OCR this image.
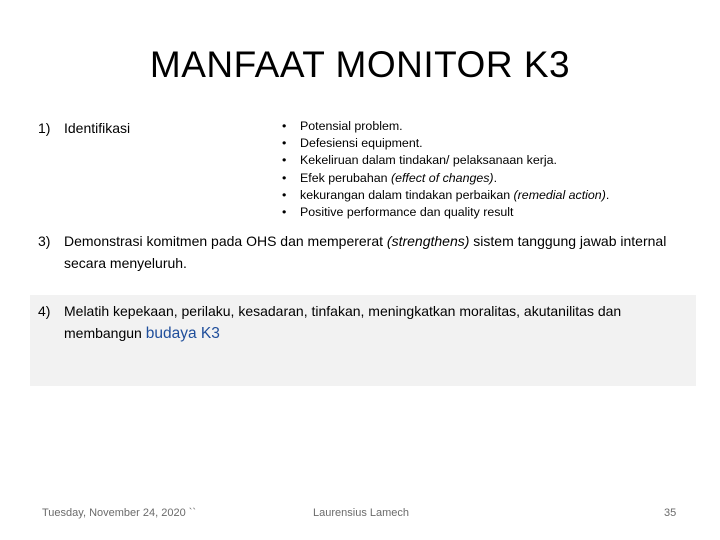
MANFAAT MONITOR K3
1) Identifikasi	• Potensial problem.
• Defesiensi equipment.
• Kekeliruan dalam tindakan/ pelaksanaan kerja.
• Efek perubahan (effect of changes).
• kekurangan dalam tindakan perbaikan (remedial action).
• Positive performance dan quality result
3) Demonstrasi komitmen pada OHS dan mempererat (strengthens) sistem tanggung jawab internal secara menyeluruh.
4) Melatih kepekaan, perilaku, kesadaran, tinfakan, meningkatkan moralitas, akutanilitas dan membangun budaya K3
Tuesday, November 24, 2020 ``	Laurensius Lamech	35
